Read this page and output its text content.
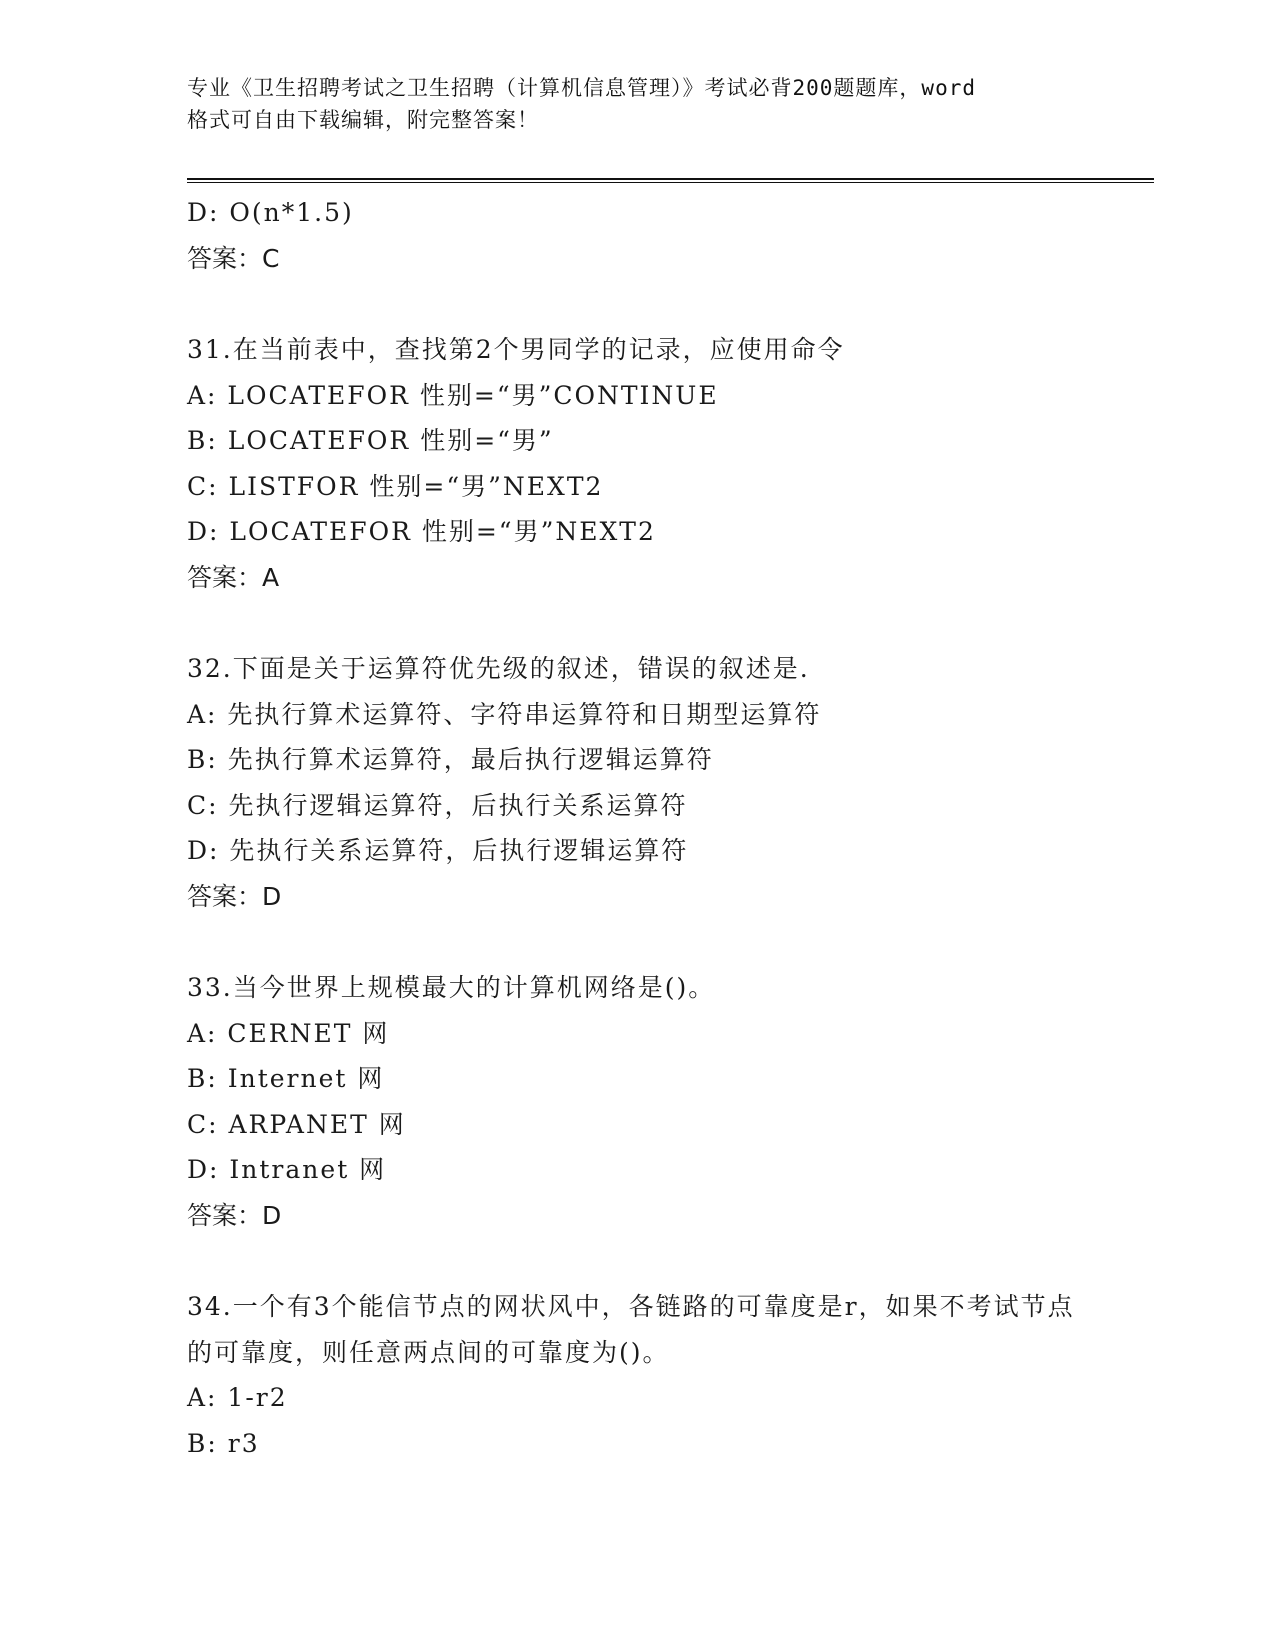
专业《卫生招聘考试之卫生招聘（计算机信息管理）》考试必背200题题库，word
格式可自由下载编辑，附完整答案！
D: O(n*1.5)
答案：C
31.在当前表中，查找第2个男同学的记录，应使用命令
A: LOCATEFOR 性别=“男”CONTINUE
B: LOCATEFOR 性别=“男”
C: LISTFOR 性别=“男”NEXT2
D: LOCATEFOR 性别=“男”NEXT2
答案：A
32.下面是关于运算符优先级的叙述，错误的叙述是.
A: 先执行算术运算符、字符串运算符和日期型运算符
B: 先执行算术运算符，最后执行逻辑运算符
C: 先执行逻辑运算符，后执行关系运算符
D: 先执行关系运算符，后执行逻辑运算符
答案：D
33.当今世界上规模最大的计算机网络是()。
A: CERNET 网
B: Internet 网
C: ARPANET 网
D: Intranet 网
答案：D
34.一个有3个能信节点的网状风中，各链路的可靠度是r，如果不考试节点的可靠度，则任意两点间的可靠度为()。
A: 1-r2
B: r3
